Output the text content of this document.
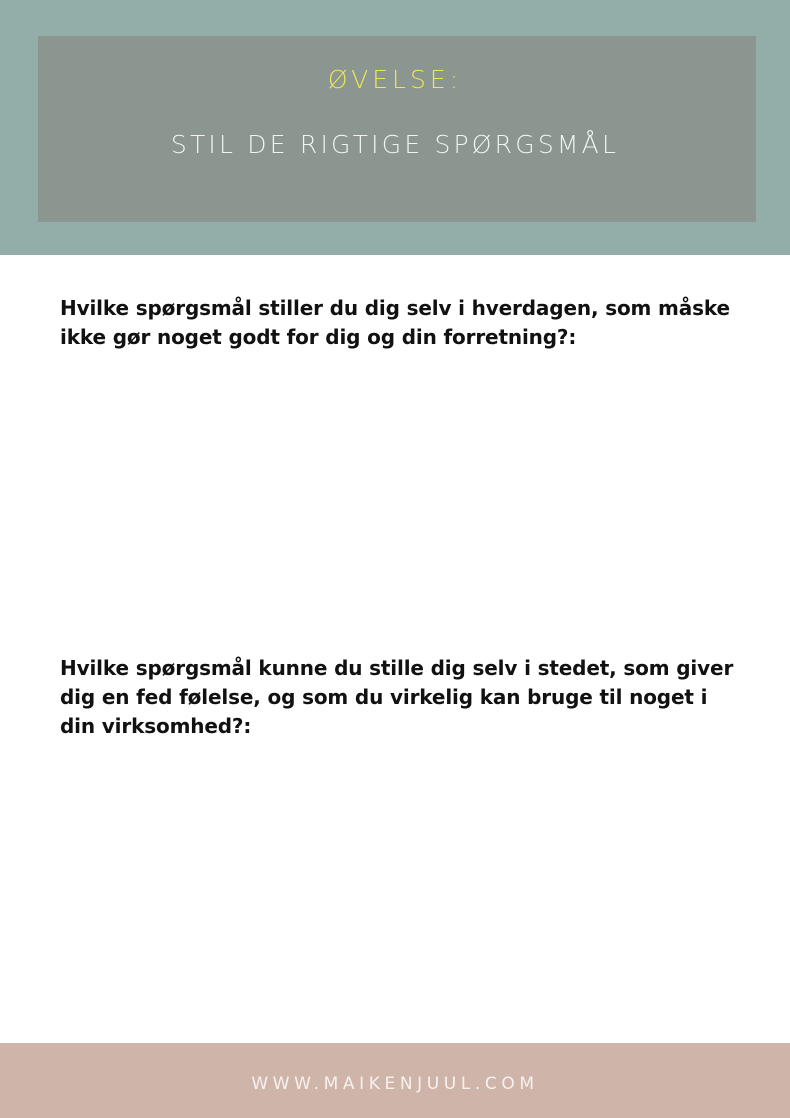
ØVELSE:
STIL DE RIGTIGE SPØRGSMÅL
Hvilke spørgsmål stiller du dig selv i hverdagen, som måske ikke gør noget godt for dig og din forretning?:
Hvilke spørgsmål kunne du stille dig selv i stedet, som giver dig en fed følelse, og som du virkelig kan bruge til noget i din virksomhed?:
WWW.MAIKENJUUL.COM
